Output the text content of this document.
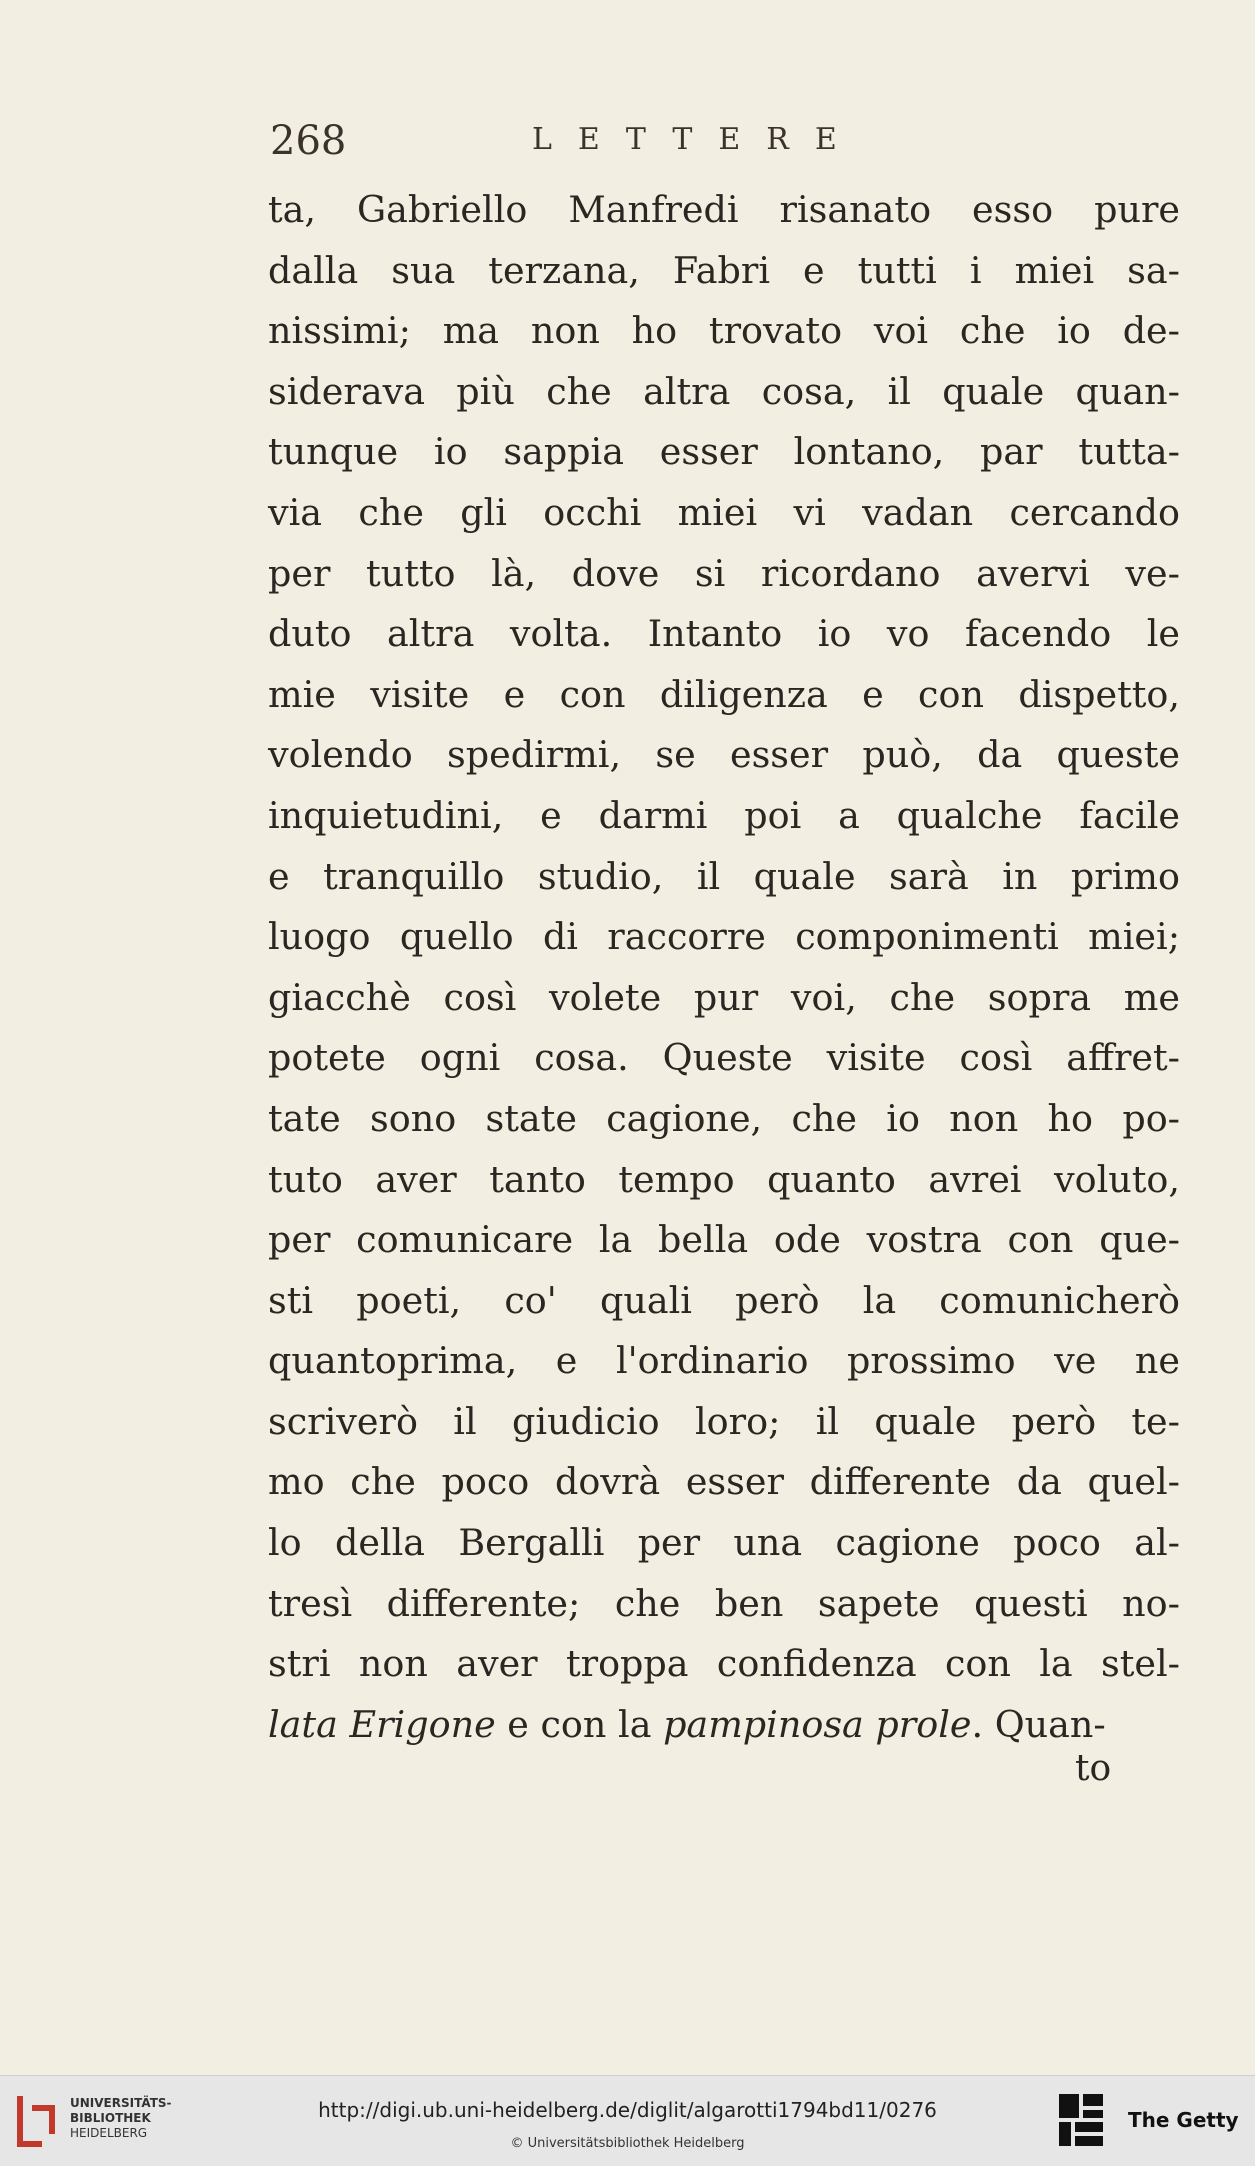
268	LETTERE
ta, Gabriello Manfredi risanato esso pure
dalla sua terzana, Fabri e tutti i miei sa-
nissimi; ma non ho trovato voi che io de-
siderava più che altra cosa, il quale quan-
tunque io sappia esser lontano, par tutta-
via che gli occhi miei vi vadan cercando
per tutto là, dove si ricordano avervi ve-
duto altra volta. Intanto io vo facendo le
mie visite e con diligenza e con dispetto,
volendo spedirmi, se esser può, da queste
inquietudini, e darmi poi a qualche facile
e tranquillo studio, il quale sarà in primo
luogo quello di raccorre componimenti miei;
giacchè così volete pur voi, che sopra me
potete ogni cosa. Queste visite così affret-
tate sono state cagione, che io non ho po-
tuto aver tanto tempo quanto avrei voluto,
per comunicare la bella ode vostra con que-
sti poeti, co' quali però la comunicherò
quantoprima, e l'ordinario prossimo ve ne
scriverò il giudicio loro; il quale però te-
mo che poco dovrà esser differente da quel-
lo della Bergalli per una cagione poco al-
tresì differente; che ben sapete questi no-
stri non aver troppa confidenza con la stel-
lata Erigone e con la pampinosa prole. Quan-
to
UNIVERSITÄTS-
BIBLIOTHEK
HEIDELBERG
http://digi.ub.uni-heidelberg.de/diglit/algarotti1794bd11/0276
© Universitätsbibliothek Heidelberg
The Getty
